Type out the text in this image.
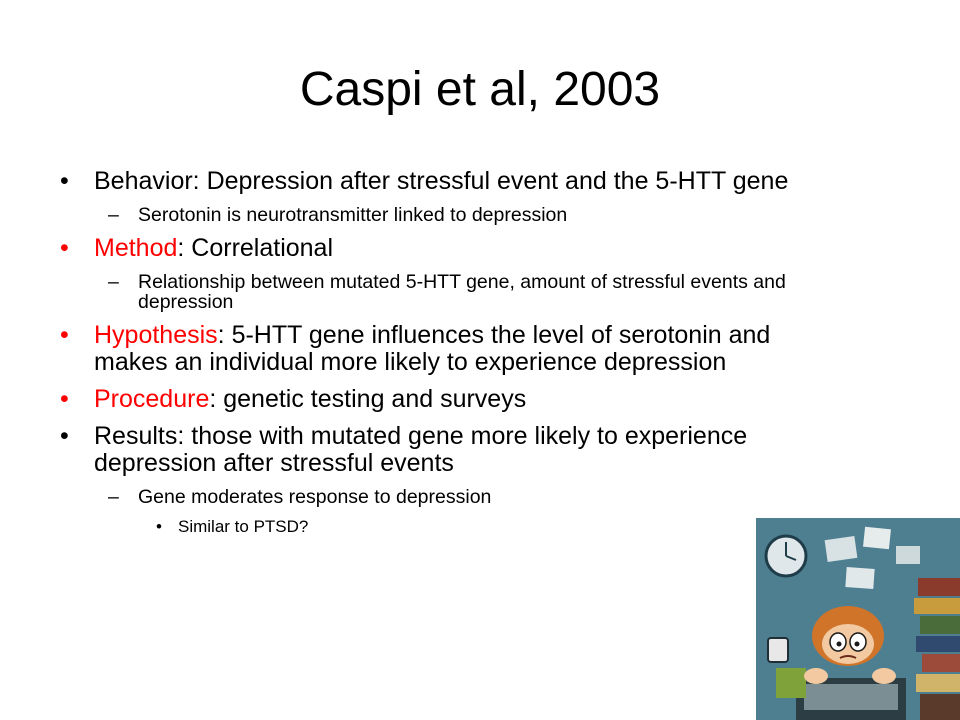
Caspi et al, 2003
• Behavior: Depression after stressful event and the 5-HTT gene
– Serotonin is neurotransmitter linked to depression
• Method: Correlational
– Relationship between mutated 5-HTT gene, amount of stressful events and depression
• Hypothesis: 5-HTT gene influences the level of serotonin and makes an individual more likely to experience depression
• Procedure: genetic testing and surveys
• Results: those with mutated gene more likely to experience depression after stressful events
– Gene moderates response to depression
• Similar to PTSD?
